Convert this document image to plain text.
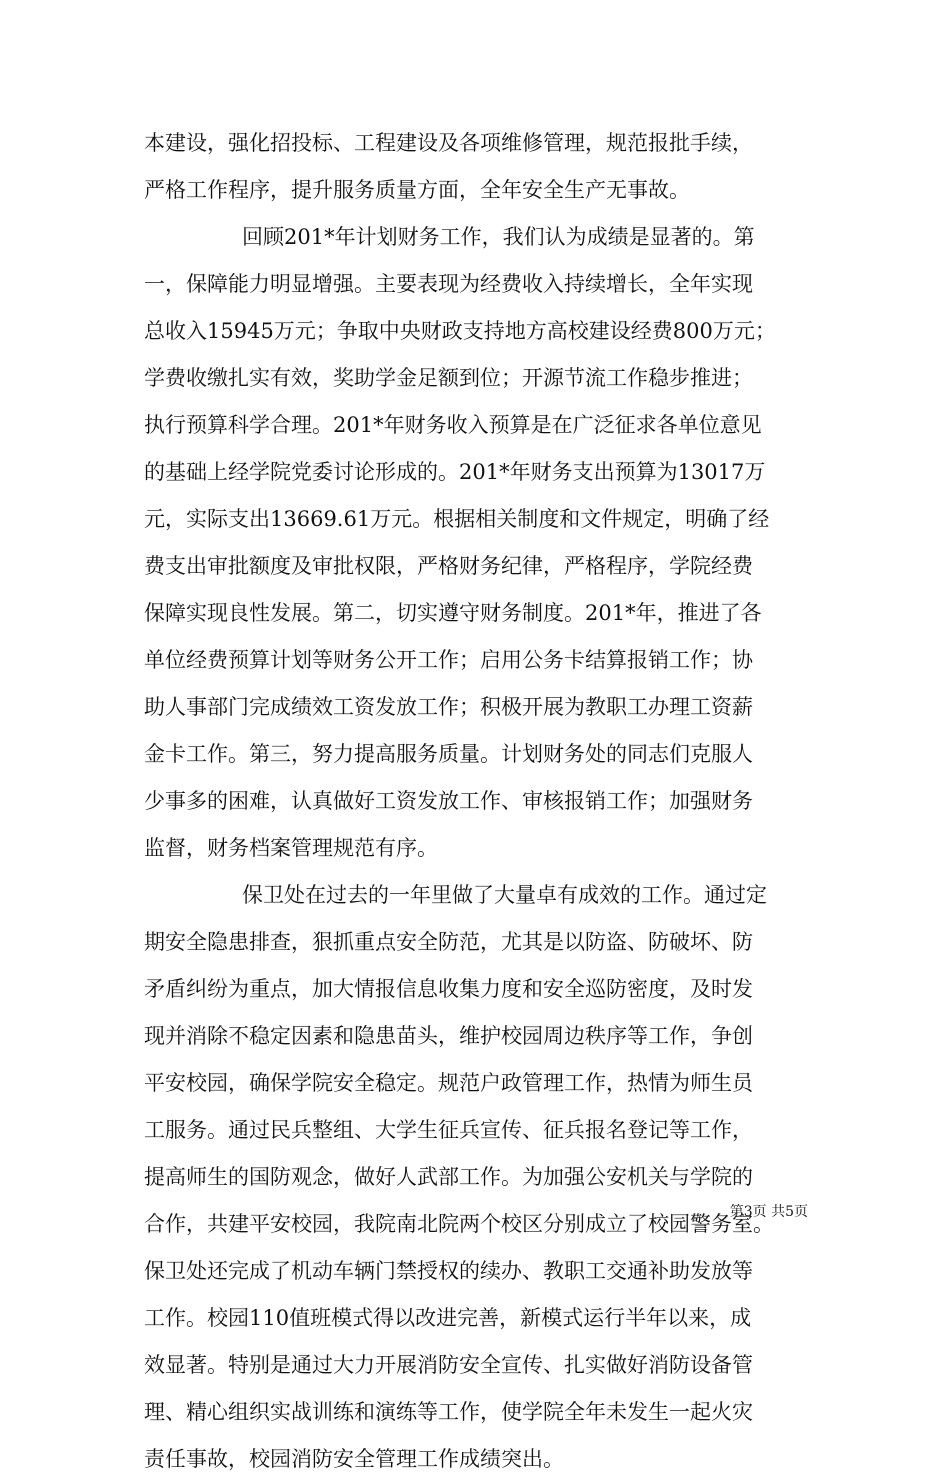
本建设，强化招投标、工程建设及各项维修管理，规范报批手续，
严格工作程序，提升服务质量方面，全年安全生产无事故。
回顾201*年计划财务工作，我们认为成绩是显著的。第
一，保障能力明显增强。主要表现为经费收入持续增长，全年实现
总收入15945万元；争取中央财政支持地方高校建设经费800万元；
学费收缴扎实有效，奖助学金足额到位；开源节流工作稳步推进；
执行预算科学合理。201*年财务收入预算是在广泛征求各单位意见
的基础上经学院党委讨论形成的。201*年财务支出预算为13017万
元，实际支出13669.61万元。根据相关制度和文件规定，明确了经
费支出审批额度及审批权限，严格财务纪律，严格程序，学院经费
保障实现良性发展。第二，切实遵守财务制度。201*年，推进了各
单位经费预算计划等财务公开工作；启用公务卡结算报销工作；协
助人事部门完成绩效工资发放工作；积极开展为教职工办理工资薪
金卡工作。第三，努力提高服务质量。计划财务处的同志们克服人
少事多的困难，认真做好工资发放工作、审核报销工作；加强财务
监督，财务档案管理规范有序。
保卫处在过去的一年里做了大量卓有成效的工作。通过定
期安全隐患排查，狠抓重点安全防范，尤其是以防盗、防破坏、防
矛盾纠纷为重点，加大情报信息收集力度和安全巡防密度，及时发
现并消除不稳定因素和隐患苗头，维护校园周边秩序等工作，争创
平安校园，确保学院安全稳定。规范户政管理工作，热情为师生员
工服务。通过民兵整组、大学生征兵宣传、征兵报名登记等工作，
提高师生的国防观念，做好人武部工作。为加强公安机关与学院的
合作，共建平安校园，我院南北院两个校区分别成立了校园警务室。
保卫处还完成了机动车辆门禁授权的续办、教职工交通补助发放等
工作。校园110值班模式得以改进完善，新模式运行半年以来，成
效显著。特别是通过大力开展消防安全宣传、扎实做好消防设备管
理、精心组织实战训练和演练等工作，使学院全年未发生一起火灾
责任事故，校园消防安全管理工作成绩突出。
第3页 共5页
